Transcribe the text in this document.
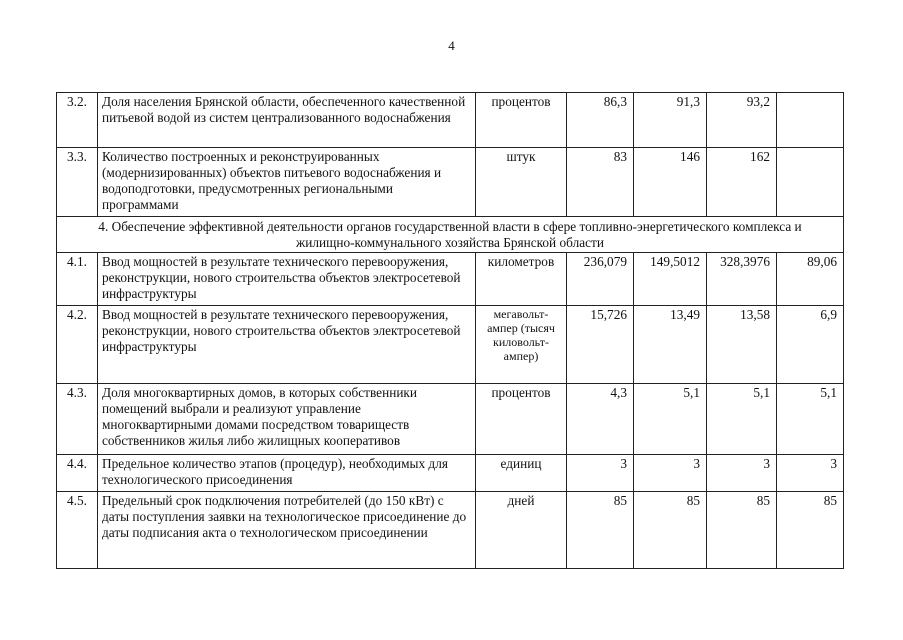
4
3.2.	Доля населения Брянской области, обеспеченного качественной питьевой водой из систем централизованного водоснабжения	процентов	86,3	91,3	93,2	
3.3.	Количество построенных и реконструированных (модернизированных) объектов питьевого водоснабжения и водоподготовки, предусмотренных региональными программами	штук	83	146	162	
4. Обеспечение эффективной деятельности органов государственной власти в сфере топливно-энергетического комплекса и жилищно-коммунального хозяйства Брянской области						
4.1.	Ввод мощностей в результате технического перевооружения, реконструкции, нового строительства объектов электросетевой инфраструктуры	километров	236,079	149,5012	328,3976	89,06
4.2.	Ввод мощностей в результате технического перевооружения, реконструкции, нового строительства объектов электросетевой инфраструктуры	мегавольт-ампер (тысяч киловольт-ампер)	15,726	13,49	13,58	6,9
4.3.	Доля многоквартирных домов, в которых собственники помещений выбрали и реализуют управление многоквартирными домами посредством товариществ собственников жилья либо жилищных кооперативов	процентов	4,3	5,1	5,1	5,1
4.4.	Предельное количество этапов (процедур), необходимых для технологического присоединения	единиц	3	3	3	3
4.5.	Предельный срок подключения потребителей (до 150 кВт) с даты поступления заявки на технологическое присоединение до даты подписания акта о технологическом присоединении	дней	85	85	85	85
